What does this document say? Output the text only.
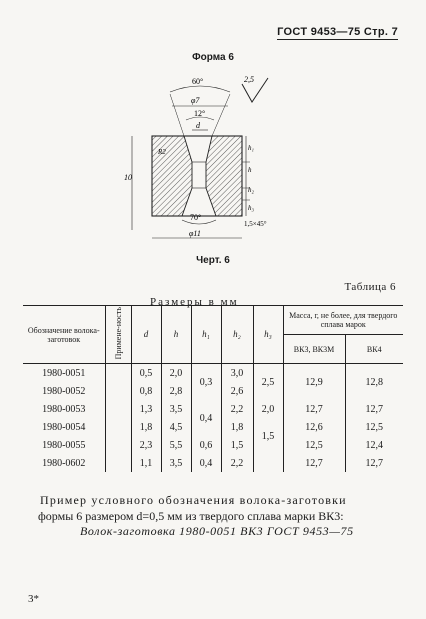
ГОСТ 9453—75 Стр. 7
Форма 6
2,5
60°
φ7
12°
d
R2
10
h₁
h
h₂
h₃
70°
1,5×45°
φ11
Черт. 6
Таблица 6
Размеры в мм
Обозначение волока-заготовок	Примене-ность	d	h	h₁	h₂	h₃	Масса, г, не более, для твердого сплава марок	
							ВК3, ВК3М	ВК4
1980-0051		0,5	2,0	0,3	3,0	2,5	12,9	12,8
1980-0052		0,8	2,8		2,6			
1980-0053		1,3	3,5	0,4	2,2	2,0	12,7	12,7
1980-0054		1,8	4,5		1,8	1,5	12,6	12,5
1980-0055		2,3	5,5	0,6	1,5		12,5	12,4
1980-0602		1,1	3,5	0,4	2,2		12,7	12,7
Пример условного обозначения волока-заготовки
формы 6 размером d=0,5 мм из твердого сплава марки ВК3:
Волок-заготовка 1980-0051 ВК3 ГОСТ 9453—75
3*
